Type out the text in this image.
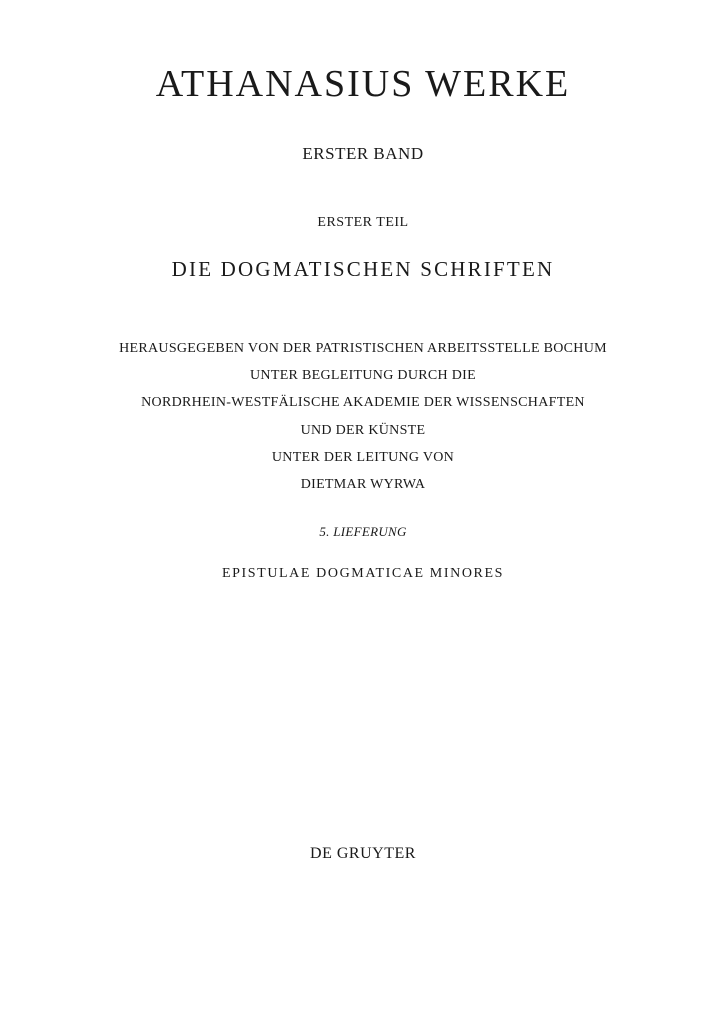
ATHANASIUS WERKE
ERSTER BAND
ERSTER TEIL
DIE DOGMATISCHEN SCHRIFTEN
HERAUSGEGEBEN VON DER PATRISTISCHEN ARBEITSSTELLE BOCHUM
UNTER BEGLEITUNG DURCH DIE
NORDRHEIN-WESTFÄLISCHE AKADEMIE DER WISSENSCHAFTEN
UND DER KÜNSTE
UNTER DER LEITUNG VON
DIETMAR WYRWA
5. LIEFERUNG
EPISTULAE DOGMATICAE MINORES
DE GRUYTER
